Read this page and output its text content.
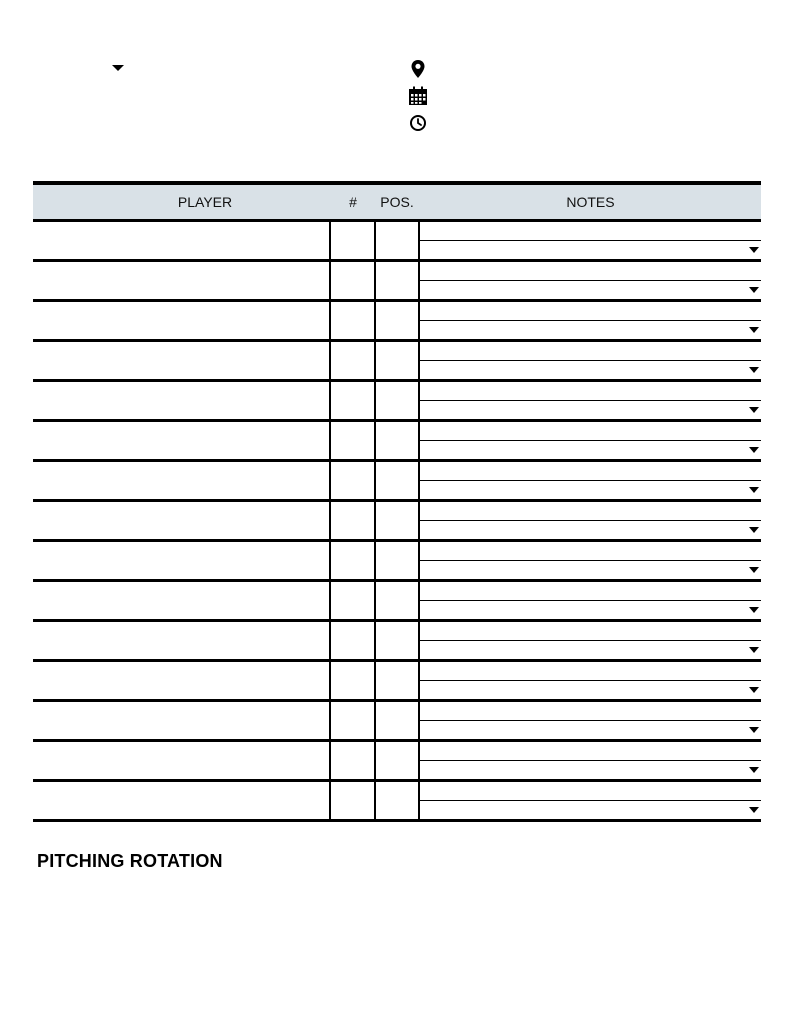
PLAYER	#	POS.	NOTES
PITCHING ROTATION
